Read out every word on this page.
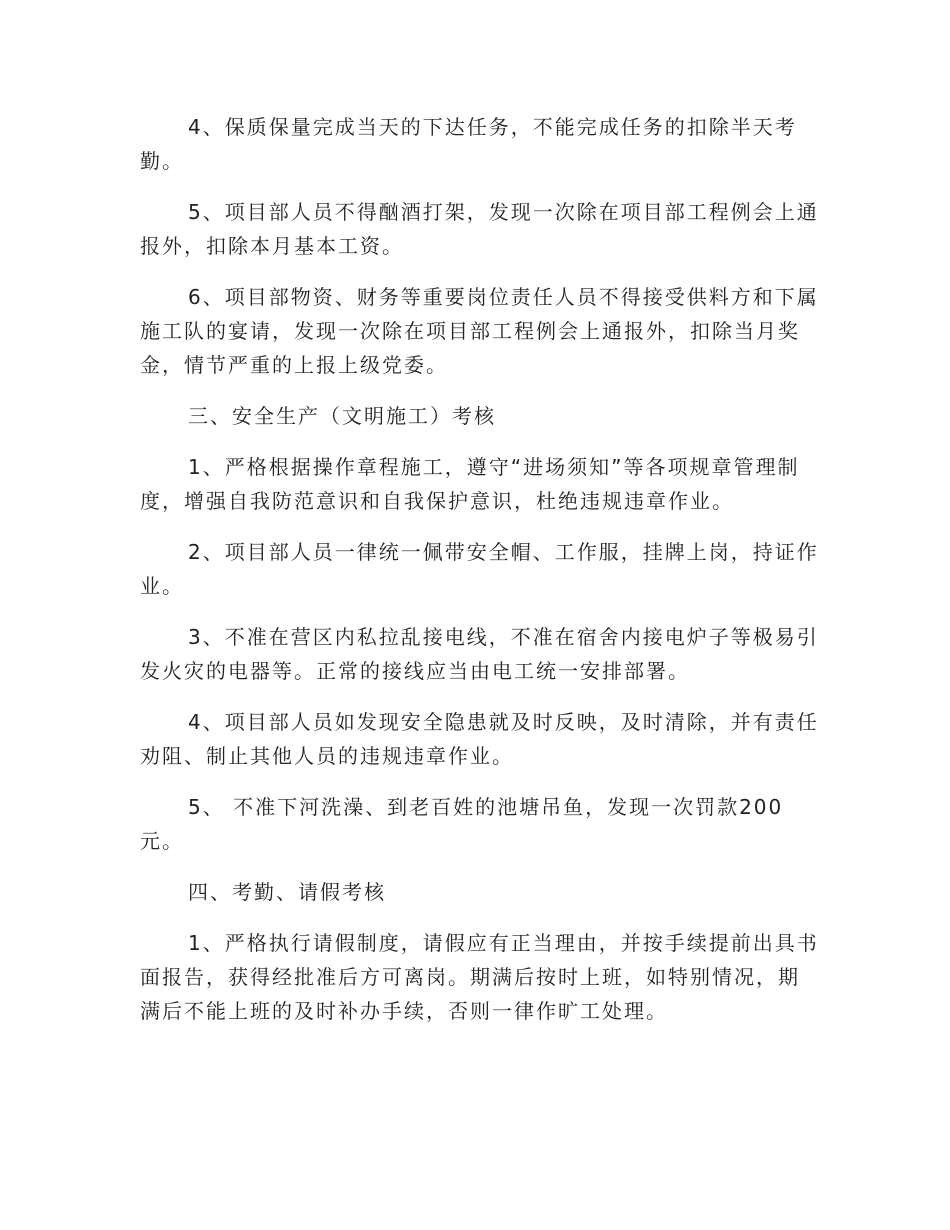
4、保质保量完成当天的下达任务，不能完成任务的扣除半天考
勤。

5、项目部人员不得酗酒打架，发现一次除在项目部工程例会上通
报外，扣除本月基本工资。

6、项目部物资、财务等重要岗位责任人员不得接受供料方和下属
施工队的宴请，发现一次除在项目部工程例会上通报外，扣除当月奖
金，情节严重的上报上级党委。

三、安全生产（文明施工）考核

1、严格根据操作章程施工，遵守“进场须知”等各项规章管理制
度，增强自我防范意识和自我保护意识，杜绝违规违章作业。

2、项目部人员一律统一佩带安全帽、工作服，挂牌上岗，持证作
业。

3、不准在营区内私拉乱接电线，不准在宿舍内接电炉子等极易引
发火灾的电器等。正常的接线应当由电工统一安排部署。

4、项目部人员如发现安全隐患就及时反映，及时清除，并有责任
劝阻、制止其他人员的违规违章作业。

5、 不准下河洗澡、到老百姓的池塘吊鱼，发现一次罚款200
元。

四、考勤、请假考核

1、严格执行请假制度，请假应有正当理由，并按手续提前出具书
面报告，获得经批准后方可离岗。期满后按时上班，如特别情况，期
满后不能上班的及时补办手续，否则一律作旷工处理。
